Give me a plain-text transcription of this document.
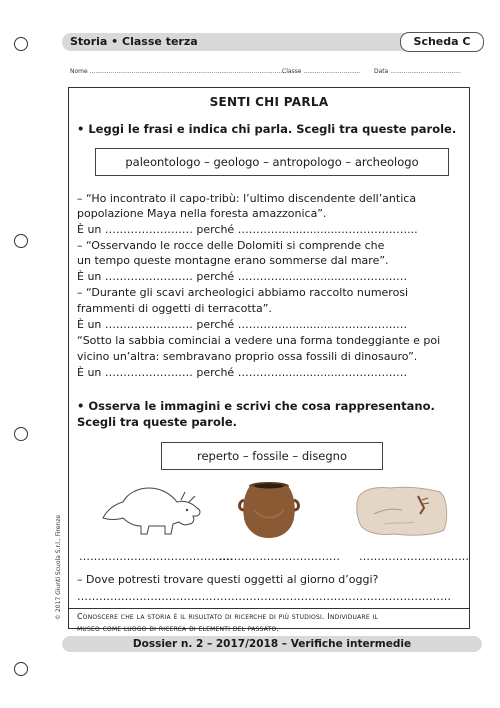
Storia • Classe terza	Scheda C
Nome ......................................................................................................
Classe .............................. Data .....................................
© 2017 Giunti Scuola S.r.l., Firenze
SENTI CHI PARLA
• Leggi le frasi e indica chi parla. Scegli tra queste parole.
paleontologo – geologo – antropologo – archeologo
– “Ho incontrato il capo-tribù: l’ultimo discendente dell’antica
popolazione Maya nella foresta amazzonica”.
È un …………………… perché ………….................………………...
– “Osservando le rocce delle Dolomiti si comprende che
un tempo queste montagne erano sommerse dal mare”.
È un …………………… perché ………….................………………
– “Durante gli scavi archeologici abbiamo raccolto numerosi
frammenti di oggetti di terracotta”.
È un …………………… perché ………….................………………
“Sotto la sabbia cominciai a vedere una forma tondeggiante e poi
vicino un’altra: sembravano proprio ossa fossili di dinosauro”.
È un …………………… perché ………….................………………
• Osserva le immagini e scrivi che cosa rappresentano.
Scegli tra queste parole.
reperto – fossile – disegno
……………………………………
…………………………… …………………………
– Dove potresti trovare questi oggetti al giorno d’oggi?
…………………………………………………………………………………………
Conoscere che la storia è il risultato di ricerche di più studiosi. Individuare il
museo come luogo di ricerca di elementi del passato.
Dossier n. 2 – 2017/2018 – Verifiche intermedie
